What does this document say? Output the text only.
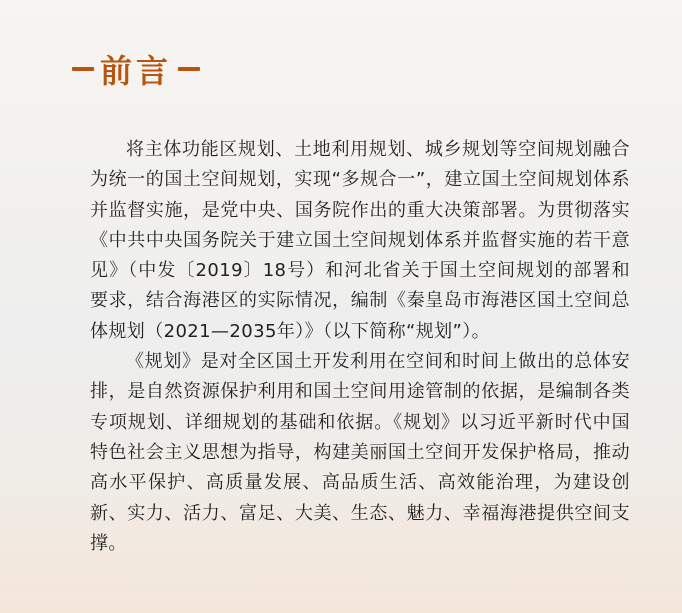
前言

将主体功能区规划、土地利用规划、城乡规划等空间规划融合为统一的国土空间规划，实现“多规合一”，建立国土空间规划体系并监督实施，是党中央、国务院作出的重大决策部署。为贯彻落实《中共中央国务院关于建立国土空间规划体系并监督实施的若干意见》（中发〔2019〕18号）和河北省关于国土空间规划的部署和要求，结合海港区的实际情况，编制《秦皇岛市海港区国土空间总体规划（2021—2035年）》（以下简称“规划”）。

《规划》是对全区国土开发利用在空间和时间上做出的总体安排，是自然资源保护利用和国土空间用途管制的依据，是编制各类专项规划、详细规划的基础和依据。《规划》以习近平新时代中国特色社会主义思想为指导，构建美丽国土空间开发保护格局，推动高水平保护、高质量发展、高品质生活、高效能治理，为建设创新、实力、活力、富足、大美、生态、魅力、幸福海港提供空间支撑。
